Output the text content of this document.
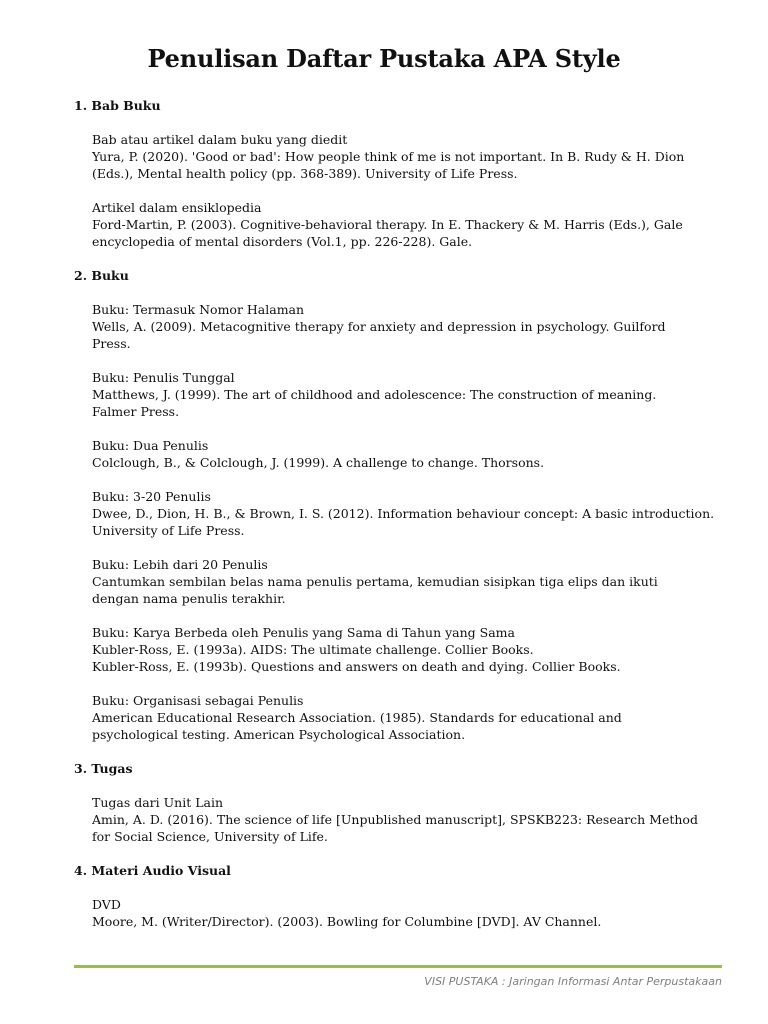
Penulisan Daftar Pustaka APA Style
1. Bab Buku
Bab atau artikel dalam buku yang diedit
Yura, P. (2020). 'Good or bad': How people think of me is not important. In B. Rudy & H. Dion
(Eds.), Mental health policy (pp. 368-389). University of Life Press.
Artikel dalam ensiklopedia
Ford-Martin, P. (2003). Cognitive-behavioral therapy. In E. Thackery & M. Harris (Eds.), Gale
encyclopedia of mental disorders (Vol.1, pp. 226-228). Gale.
2. Buku
Buku: Termasuk Nomor Halaman
Wells, A. (2009). Metacognitive therapy for anxiety and depression in psychology. Guilford
Press.
Buku: Penulis Tunggal
Matthews, J. (1999). The art of childhood and adolescence: The construction of meaning.
Falmer Press.
Buku: Dua Penulis
Colclough, B., & Colclough, J. (1999). A challenge to change. Thorsons.
Buku: 3-20 Penulis
Dwee, D., Dion, H. B., & Brown, I. S. (2012). Information behaviour concept: A basic introduction.
University of Life Press.
Buku: Lebih dari 20 Penulis
Cantumkan sembilan belas nama penulis pertama, kemudian sisipkan tiga elips dan ikuti
dengan nama penulis terakhir.
Buku: Karya Berbeda oleh Penulis yang Sama di Tahun yang Sama
Kubler-Ross, E. (1993a). AIDS: The ultimate challenge. Collier Books.
Kubler-Ross, E. (1993b). Questions and answers on death and dying. Collier Books.
Buku: Organisasi sebagai Penulis
American Educational Research Association. (1985). Standards for educational and
psychological testing. American Psychological Association.
3. Tugas
Tugas dari Unit Lain
Amin, A. D. (2016). The science of life [Unpublished manuscript], SPSKB223: Research Method
for Social Science, University of Life.
4. Materi Audio Visual
DVD
Moore, M. (Writer/Director). (2003). Bowling for Columbine [DVD]. AV Channel.
VISI PUSTAKA : Jaringan Informasi Antar Perpustakaan
